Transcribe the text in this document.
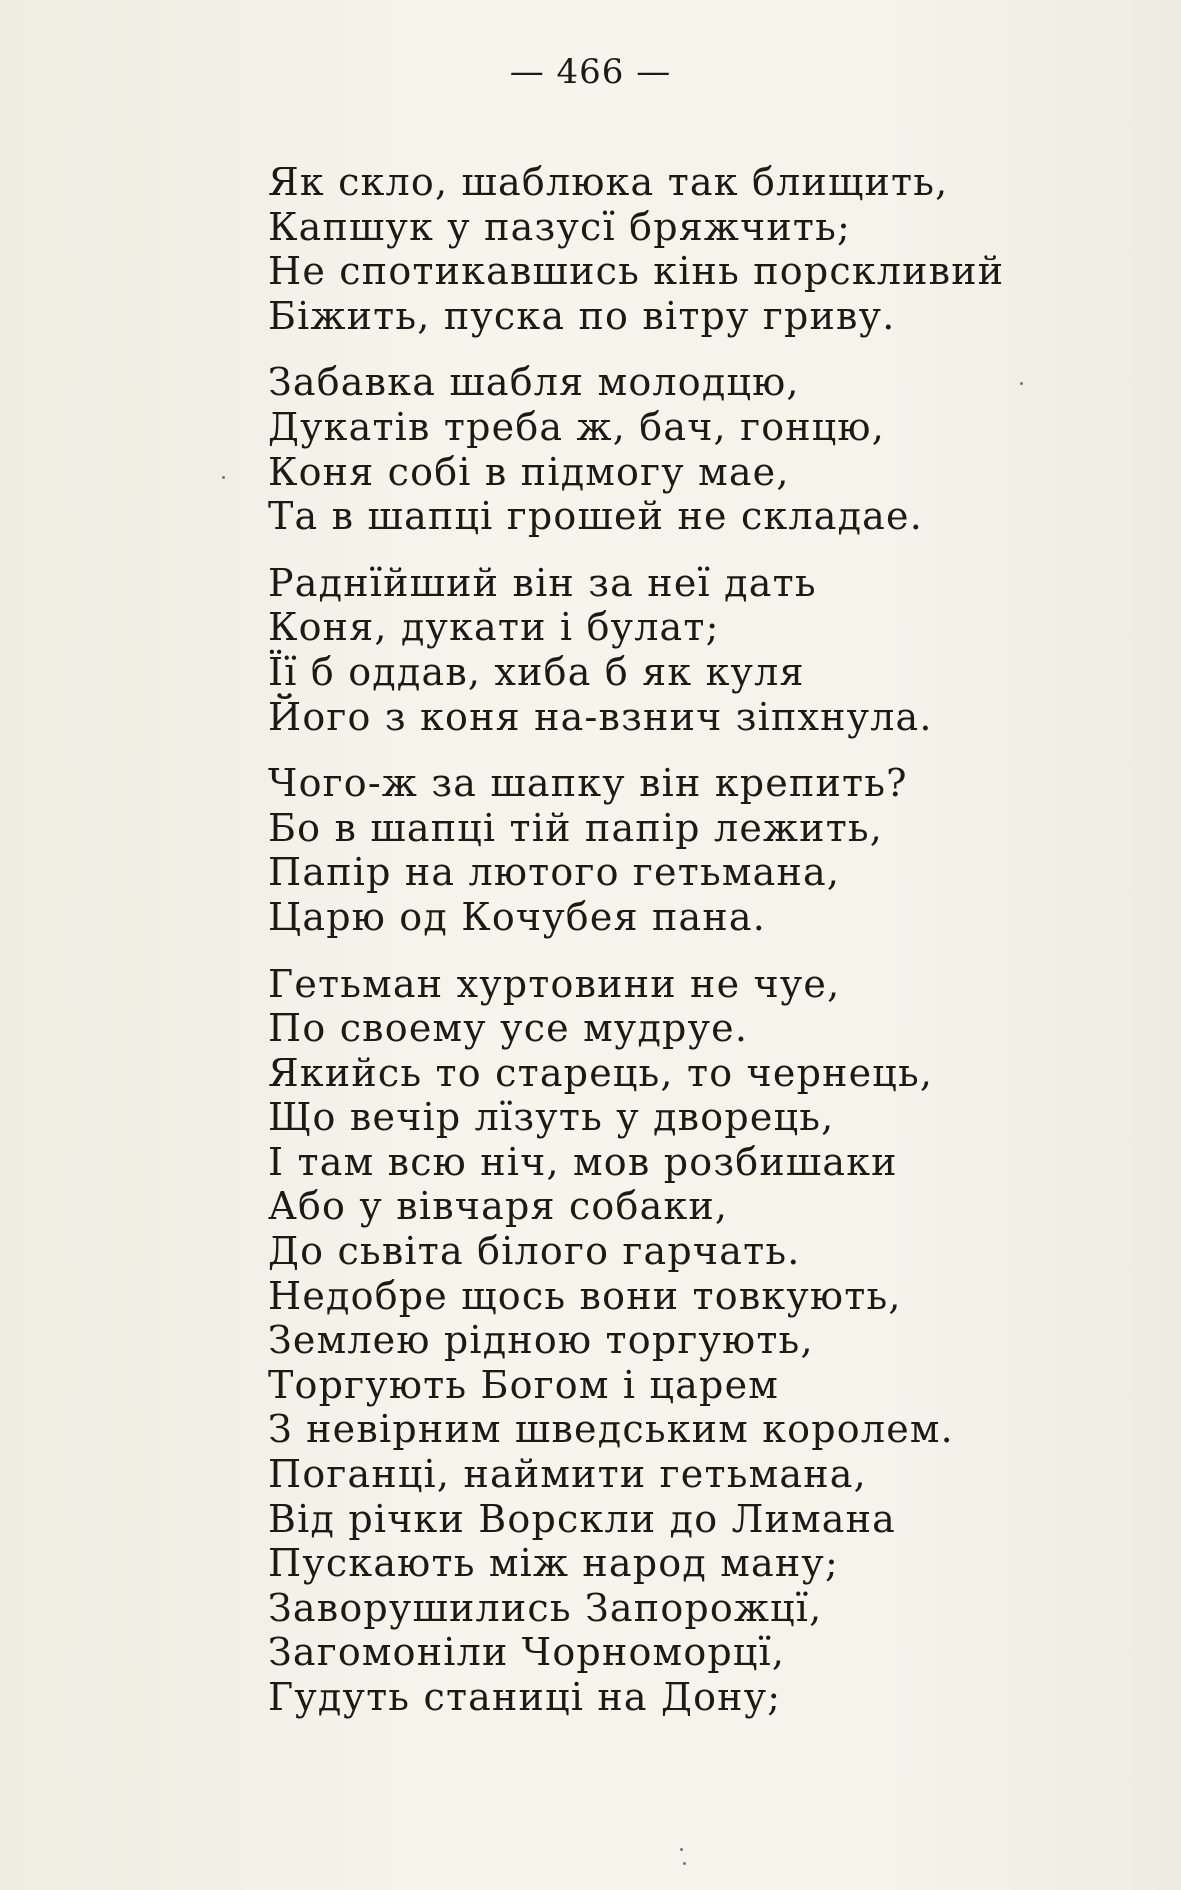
— 466 —
Як скло, шаблюка так блищить,
Капшук у пазусї бряжчить;
Не спотикавшись кінь порскливий
Біжить, пуска по вітру гриву.
Забавка шабля молодцю,
Дукатів треба ж, бач, гонцю,
Коня собі в підмогу мае,
Та в шапці грошей не складае.
Раднїйший він за неї дать
Коня, дукати і булат;
Її б оддав, хиба б як куля
Його з коня на-взнич зіпхнула.
Чого-ж за шапку він крепить?
Бо в шапці тій папір лежить,
Папір на лютого гетьмана,
Царю од Кочубея пана.
Гетьман хуртовини не чуе,
По своему усе мудруе.
Якийсь то старець, то чернець,
Що вечір лїзуть у дворець,
І там всю ніч, мов розбишаки
Або у вівчаря собаки,
До сьвіта білого гарчать.
Недобре щось вони товкують,
Землею рідною торгують,
Торгують Богом і царем
З невірним шведським королем.
Поганці, наймити гетьмана,
Від річки Ворскли до Лимана
Пускають між народ ману;
Заворушились Запорожцї,
Загомоніли Чорноморцї,
Гудуть станиці на Дону;
